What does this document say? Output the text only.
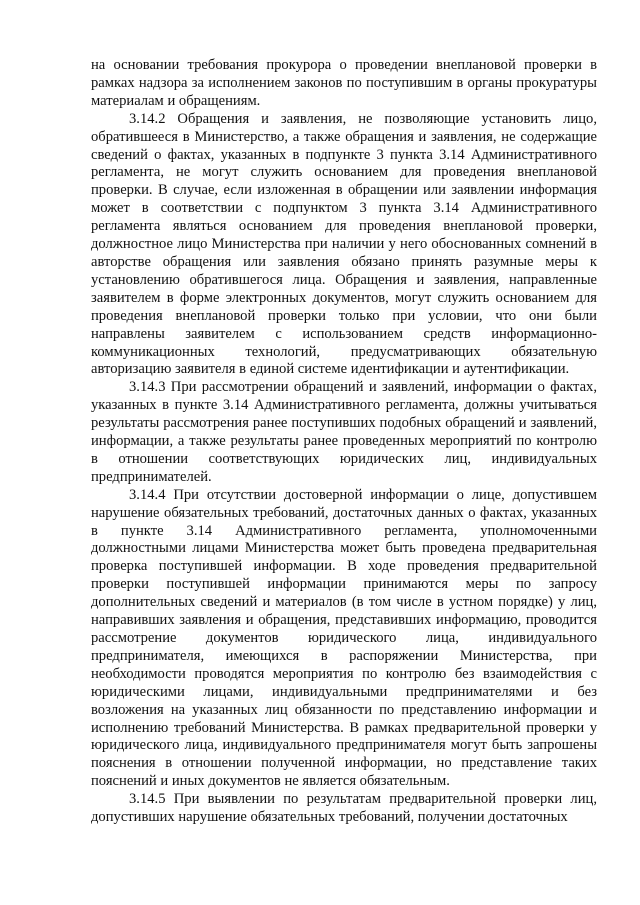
на основании требования прокурора о проведении внеплановой проверки в рамках надзора за исполнением законов по поступившим в органы прокуратуры материалам и обращениям.

3.14.2 Обращения и заявления, не позволяющие установить лицо, обратившееся в Министерство, а также обращения и заявления, не содержащие сведений о фактах, указанных в подпункте 3 пункта 3.14 Административного регламента, не могут служить основанием для проведения внеплановой проверки. В случае, если изложенная в обращении или заявлении информация может в соответствии с подпунктом 3 пункта 3.14 Административного регламента являться основанием для проведения внеплановой проверки, должностное лицо Министерства при наличии у него обоснованных сомнений в авторстве обращения или заявления обязано принять разумные меры к установлению обратившегося лица. Обращения и заявления, направленные заявителем в форме электронных документов, могут служить основанием для проведения внеплановой проверки только при условии, что они были направлены заявителем с использованием средств информационно-коммуникационных технологий, предусматривающих обязательную авторизацию заявителя в единой системе идентификации и аутентификации.

3.14.3 При рассмотрении обращений и заявлений, информации о фактах, указанных в пункте 3.14 Административного регламента, должны учитываться результаты рассмотрения ранее поступивших подобных обращений и заявлений, информации, а также результаты ранее проведенных мероприятий по контролю в отношении соответствующих юридических лиц, индивидуальных предпринимателей.

3.14.4 При отсутствии достоверной информации о лице, допустившем нарушение обязательных требований, достаточных данных о фактах, указанных в пункте 3.14 Административного регламента, уполномоченными должностными лицами Министерства может быть проведена предварительная проверка поступившей информации. В ходе проведения предварительной проверки поступившей информации принимаются меры по запросу дополнительных сведений и материалов (в том числе в устном порядке) у лиц, направивших заявления и обращения, представивших информацию, проводится рассмотрение документов юридического лица, индивидуального предпринимателя, имеющихся в распоряжении Министерства, при необходимости проводятся мероприятия по контролю без взаимодействия с юридическими лицами, индивидуальными предпринимателями и без возложения на указанных лиц обязанности по представлению информации и исполнению требований Министерства. В рамках предварительной проверки у юридического лица, индивидуального предпринимателя могут быть запрошены пояснения в отношении полученной информации, но представление таких пояснений и иных документов не является обязательным.

3.14.5 При выявлении по результатам предварительной проверки лиц, допустивших нарушение обязательных требований, получении достаточных
